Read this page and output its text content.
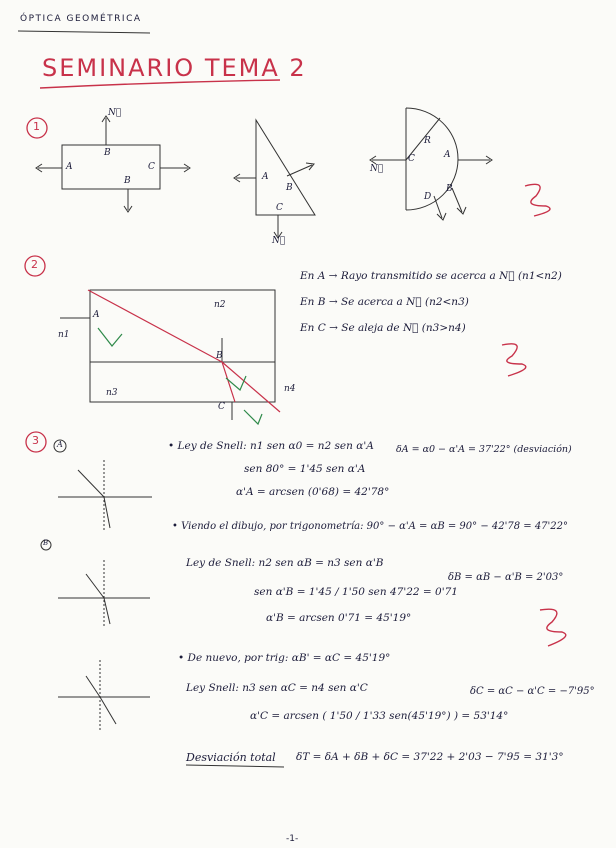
ÓPTICA GEOMÉTRICA
SEMINARIO TEMA 2
1
N⃗
A
B
C
B	A
B
C
N⃗
R
C	A
B
D
N⃗
2
n1
n2
n3	n4
A
B
C
En A → Rayo transmitido se acerca a N⃗ (n1<n2)
En B → Se acerca a N⃗ (n2<n3)
En C → Se aleja de N⃗ (n3>n4)
3 A	• Ley de Snell: n1 sen α0 = n2 sen α'A
sen 80° = 1'45 sen α'A
α'A = arcsen (0'68) = 42'78°
δA = α0 − α'A = 37'22° (desviación)
B
• Viendo el dibujo, por trigonometría: 90° − α'A = αB = 90° − 42'78 = 47'22°
Ley de Snell: n2 sen αB = n3 sen α'B
sen α'B = 1'45 / 1'50 sen 47'22 = 0'71
α'B = arcsen 0'71 = 45'19°
δB = αB − α'B = 2'03°
• De nuevo, por trig: αB' = αC = 45'19°
Ley Snell: n3 sen αC = n4 sen α'C
α'C = arcsen ( 1'50 / 1'33 sen(45'19°) ) = 53'14°
δC = αC − α'C = −7'95°
Desviación total δT = δA + δB + δC = 37'22 + 2'03 − 7'95 = 31'3°
-1-
